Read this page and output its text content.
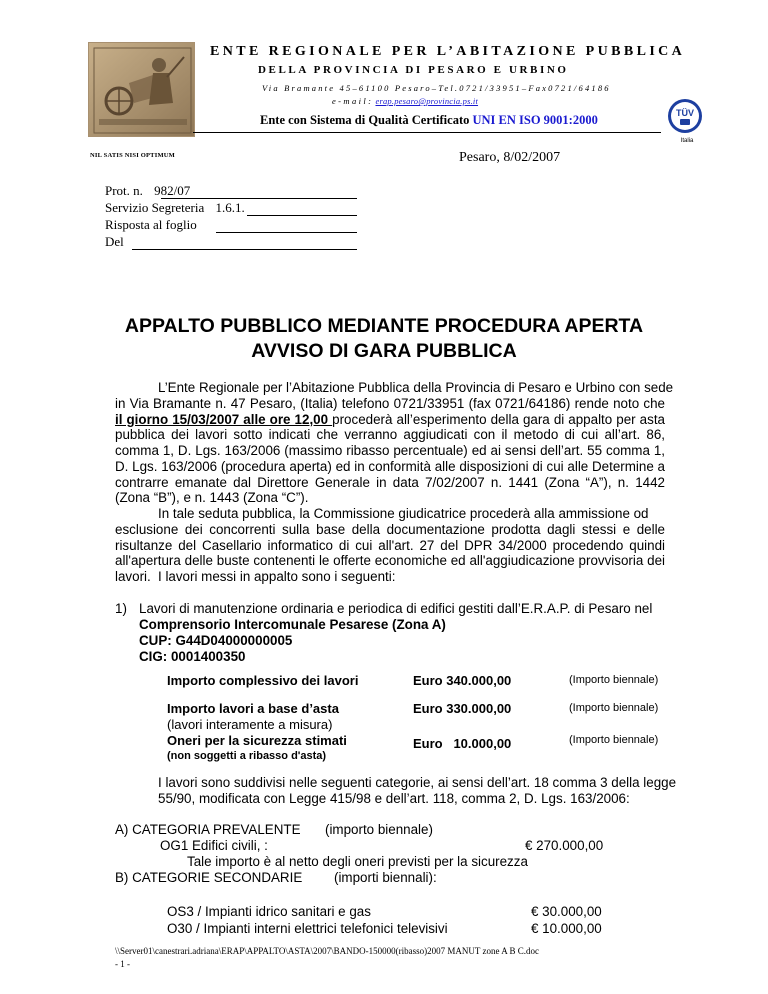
NIL SATIS NISI OPTIMUM
ENTE REGIONALE PER L’ABITAZIONE PUBBLICA
DELLA PROVINCIA DI PESARO E URBINO
Via Bramante 45–61100 Pesaro–Tel.0721/33951–Fax0721/64186
e-mail: erap.pesaro@provincia.ps.it
Ente con Sistema di Qualità Certificato UNI EN ISO 9001:2000	TÜV
Italia
Pesaro, 8/02/2007
Prot. n. 982/07
Servizio Segreteria 1.6.1.
Risposta al foglio
Del
APPALTO PUBBLICO MEDIANTE PROCEDURA APERTA
AVVISO DI GARA PUBBLICA
L’Ente Regionale per l’Abitazione Pubblica della Provincia di Pesaro e Urbino con sede
in Via Bramante n. 47 Pesaro, (Italia) telefono 0721/33951 (fax 0721/64186) rende noto che il giorno 15/03/2007 alle ore 12,00 procederà all’esperimento della gara di appalto per asta pubblica dei lavori sotto indicati che verranno aggiudicati con il metodo di cui all’art. 86, comma 1, D. Lgs. 163/2006 (massimo ribasso percentuale) ed ai sensi dell’art. 55 comma 1, D. Lgs. 163/2006 (procedura aperta) ed in conformità alle disposizioni di cui alle Determine a contrarre emanate dal Direttore Generale in data 7/02/2007 n. 1441 (Zona “A”), n. 1442 (Zona “B”), e n. 1443 (Zona “C”).
In tale seduta pubblica, la Commissione giudicatrice procederà alla ammissione od
esclusione dei concorrenti sulla base della documentazione prodotta dagli stessi e delle risultanze del Casellario informatico di cui all'art. 27 del DPR 34/2000 procedendo quindi all'apertura delle buste contenenti le offerte economiche ed all'aggiudicazione provvisoria dei lavori. I lavori messi in appalto sono i seguenti:
1) Lavori di manutenzione ordinaria e periodica di edifici gestiti dall’E.R.A.P. di Pesaro nel
Comprensorio Intercomunale Pesarese (Zona A)
CUP: G44D04000000005
CIG: 0001400350
Importo complessivo dei lavori	Euro 340.000,00	(Importo biennale)
Importo lavori a base d’asta
(lavori interamente a misura)
Euro 330.000,00	(Importo biennale)
Oneri per la sicurezza stimati
(non soggetti a ribasso d'asta)
Euro   10.000,00	(Importo biennale)
I lavori sono suddivisi nelle seguenti categorie, ai sensi dell’art. 18 comma 3 della legge
55/90, modificata con Legge 415/98 e dell’art. 118, comma 2, D. Lgs. 163/2006:
A) CATEGORIA PREVALENTE (importo biennale)
OG1 Edifici civili, :	€ 270.000,00
Tale importo è al netto degli oneri previsti per la sicurezza
B) CATEGORIE SECONDARIE (importi biennali):
OS3 / Impianti idrico sanitari e gas	€ 30.000,00
O30 / Impianti interni elettrici telefonici televisivi	€ 10.000,00
\\Server01\canestrari.adriana\ERAP\APPALTO\ASTA\2007\BANDO-150000(ribasso)2007 MANUT zone A B C.doc
- 1 -
